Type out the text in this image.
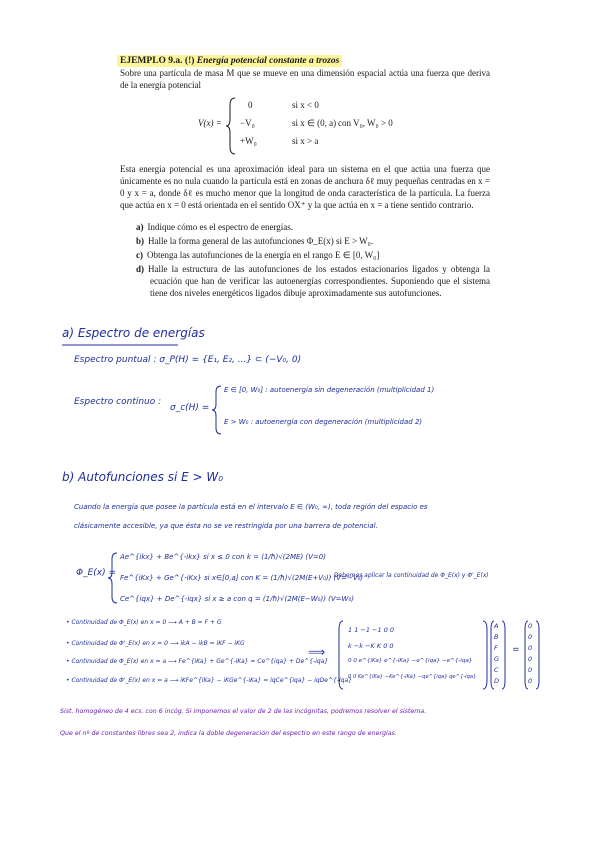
EJEMPLO 9.a. (!) Energía potencial constante a trozos

Sobre una partícula de masa M que se mueve en una dimensión espacial actúa una fuerza que deriva de la energía potencial

V(x) =
0
−V₀
+W₀
si x < 0
si x ∈ (0, a)
si x > a
con V₀, W₀ > 0

Esta energía potencial es una aproximación ideal para un sistema en el que actúa una fuerza que únicamente es no nula cuando la partícula está en zonas de anchura δℓ muy pequeñas centradas en x = 0 y x = a, donde δℓ es mucho menor que la longitud de onda característica de la partícula. La fuerza que actúa en x = 0 está orientada en el sentido OX⁺ y la que actúa en x = a tiene sentido contrario.

a) Indique cómo es el espectro de energías.
b) Halle la forma general de las autofunciones Φ_E(x) si E > W₀.
c) Obtenga las autofunciones de la energía en el rango E ∈ [0, W₀]
d) Halle la estructura de las autofunciones de los estados estacionarios ligados y obtenga la ecuación que han de verificar las autoenergías correspondientes. Suponiendo que el sistema tiene dos niveles energéticos ligados dibuje aproximadamente sus autofunciones.
a) Espectro de energías
Espectro puntual : σ_P(H) = {E₁, E₂, ...} ⊂ (−V₀, 0)
Espectro continuo :
σ_c(H) =
E ∈ [0, W₀] : autoenergía sin degeneración (multiplicidad 1)
E > W₀ : autoenergía con degeneración (multiplicidad 2)
b) Autofunciones si E > W₀
Cuando la energía que posee la partícula está en el intervalo E ∈ (W₀, ∞), toda región del espacio es
clásicamente accesible, ya que ésta no se ve restringida por una barrera de potencial.
Φ_E(x) =
Ae^{ikx} + Be^{-ikx} si x ≤ 0 con k = (1/ħ)√(2ME) (V=0)
Fe^{iKx} + Ge^{-iKx} si x∈[0,a] con K = (1/ħ)√(2M(E+V₀)) (V=−V₀)
Ce^{iqx} + De^{-iqx} si x ≥ a con q = (1/ħ)√(2M(E−W₀)) (V=W₀)
, Debemos aplicar la continuidad de Φ_E(x) y Φ'_E(x)
• Continuidad de Φ_E(x) en x = 0 ⟶ A + B = F + G
• Continuidad de Φ'_E(x) en x = 0 ⟶ ikA − ikB = iKF − iKG
• Continuidad de Φ_E(x) en x = a ⟶ Fe^{iKa} + Ge^{-iKa} = Ce^{iqa} + De^{-iqa}
• Continuidad de Φ'_E(x) en x = a ⟶ iKFe^{iKa} − iKGe^{-iKa} = iqCe^{iqa} − iqDe^{-iqa}
⟹
1 1 −1 −1 0 0
k −k −K K 0 0
0 0 e^{iKa} e^{-iKa} −e^{iqa} −e^{-iqa}
0 0 Ke^{iKa} −Ke^{-iKa} −qe^{iqa} qe^{-iqa}
A
B
F
G
C
D
=
0
0
0
0
0
0
Sist. homogéneo de 4 ecs. con 6 incóg. Si imponemos el valor de 2 de las incógnitas, podremos resolver el sistema.
Que el nº de constantes libres sea 2, indica la doble degeneración del espectro en este rango de energías.
